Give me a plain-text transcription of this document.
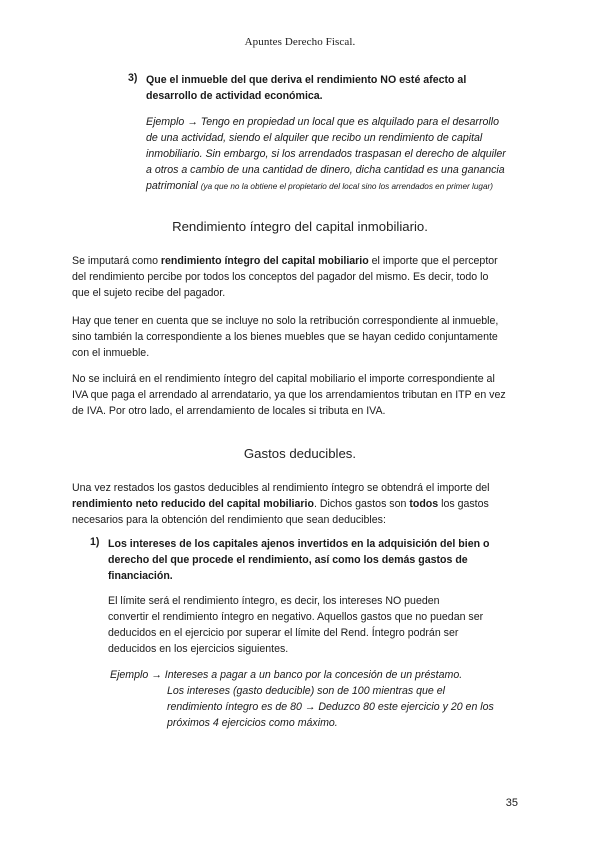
Apuntes Derecho Fiscal.
3) Que el inmueble del que deriva el rendimiento NO esté afecto al
desarrollo de actividad económica.
Ejemplo → Tengo en propiedad un local que es alquilado para el desarrollo
de una actividad, siendo el alquiler que recibo un rendimiento de capital
inmobiliario. Sin embargo, si los arrendados traspasan el derecho de alquiler
a otros a cambio de una cantidad de dinero, dicha cantidad es una ganancia
patrimonial (ya que no la obtiene el propietario del local sino los arrendados en primer lugar)
Rendimiento íntegro del capital inmobiliario.
Se imputará como rendimiento íntegro del capital mobiliario el importe que el perceptor
del rendimiento percibe por todos los conceptos del pagador del mismo. Es decir, todo lo
que el sujeto recibe del pagador.
Hay que tener en cuenta que se incluye no solo la retribución correspondiente al inmueble,
sino también la correspondiente a los bienes muebles que se hayan cedido conjuntamente
con el inmueble.
No se incluirá en el rendimiento íntegro del capital mobiliario el importe correspondiente al
IVA que paga el arrendado al arrendatario, ya que los arrendamientos tributan en ITP en vez
de IVA. Por otro lado, el arrendamiento de locales si tributa en IVA.
Gastos deducibles.
Una vez restados los gastos deducibles al rendimiento íntegro se obtendrá el importe del
rendimiento neto reducido del capital mobiliario. Dichos gastos son todos los gastos
necesarios para la obtención del rendimiento que sean deducibles:
1) Los intereses de los capitales ajenos invertidos en la adquisición del bien o
derecho del que procede el rendimiento, así como los demás gastos de
financiación.
El límite será el rendimiento íntegro, es decir, los intereses NO pueden
convertir el rendimiento íntegro en negativo. Aquellos gastos que no puedan ser
deducidos en el ejercicio por superar el límite del Rend. Íntegro podrán ser
deducidos en los ejercicios siguientes.
Ejemplo → Intereses a pagar a un banco por la concesión de un préstamo.
Los intereses (gasto deducible) son de 100 mientras que el
rendimiento íntegro es de 80 → Deduzco 80 este ejercicio y 20 en los
próximos 4 ejercicios como máximo.
35
